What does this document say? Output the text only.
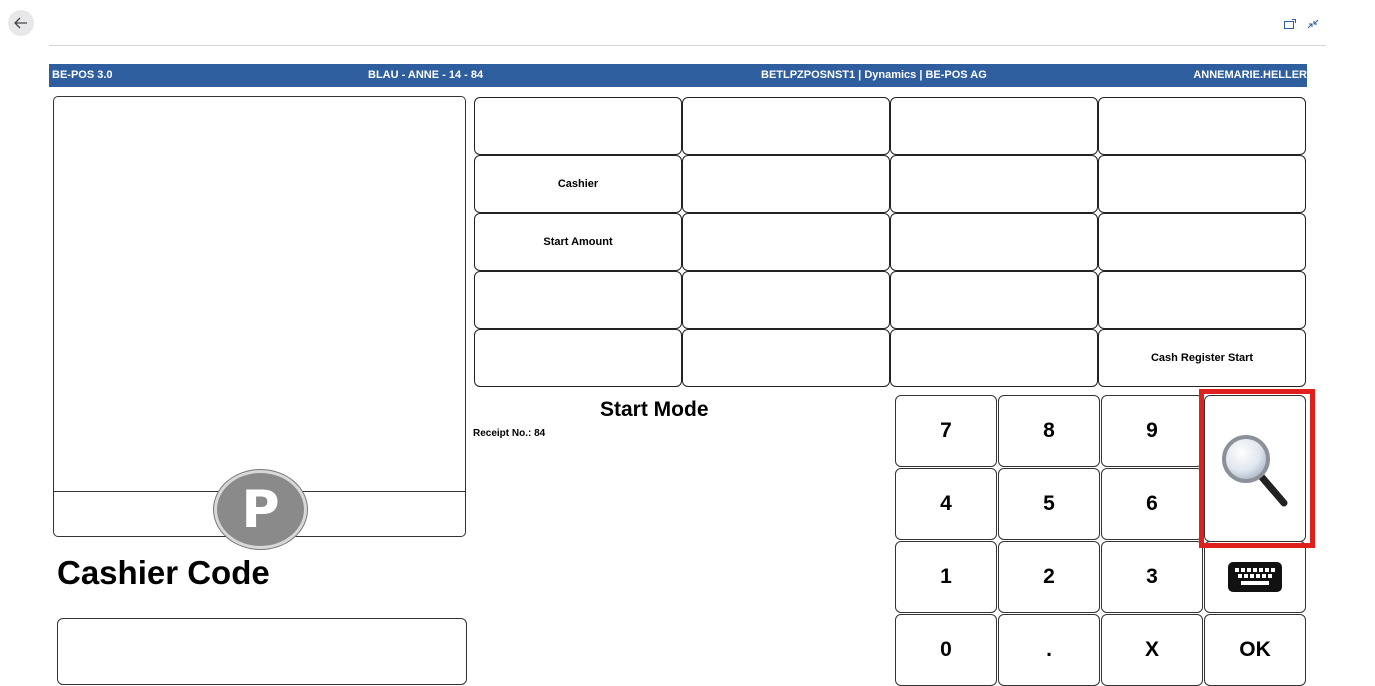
BE-POS 3.0	BLAU - ANNE - 14 - 84	BETLPZPOSNST1 | Dynamics | BE-POS AG	ANNEMARIE.HELLER
P
Cashier Code
Cashier
Start Amount
Cash Register Start
Start Mode
Receipt No.: 84	7	8	9
4	5	6
1	2	3
0	.	X	OK
